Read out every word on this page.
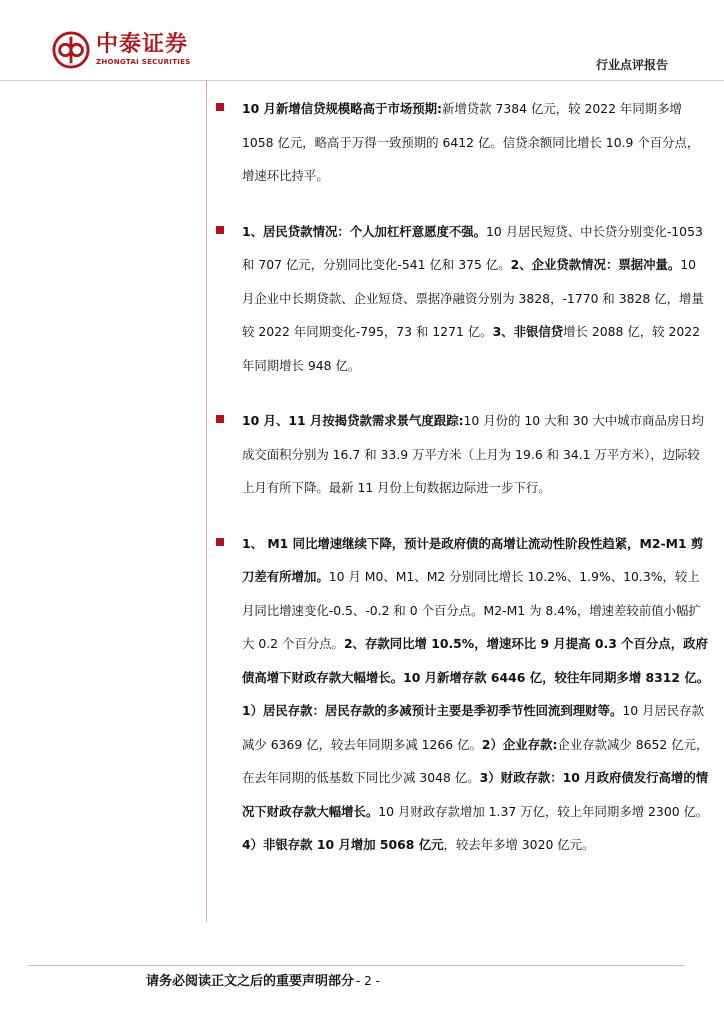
中泰证券
ZHONGTAI SECURITIES	行业点评报告
10 月新增信贷规模略高于市场预期:新增贷款 7384 亿元，较 2022 年同期多增 1058 亿元，略高于万得一致预期的 6412 亿。信贷余额同比增长 10.9 个百分点，增速环比持平。
1、居民贷款情况：个人加杠杆意愿度不强。10 月居民短贷、中长贷分别变化-1053 和 707 亿元，分别同比变化-541 亿和 375 亿。2、企业贷款情况：票据冲量。10 月企业中长期贷款、企业短贷、票据净融资分别为 3828，-1770 和 3828 亿，增量较 2022 年同期变化-795，73 和 1271 亿。3、非银信贷增长 2088 亿，较 2022 年同期增长 948 亿。
10 月、11 月按揭贷款需求景气度跟踪:10 月份的 10 大和 30 大中城市商品房日均成交面积分别为 16.7 和 33.9 万平方米（上月为 19.6 和 34.1 万平方米），边际较上月有所下降。最新 11 月份上旬数据边际进一步下行。
1、 M1 同比增速继续下降，预计是政府债的高增让流动性阶段性趋紧，M2-M1 剪刀差有所增加。10 月 M0、M1、M2 分别同比增长 10.2%、1.9%、10.3%，较上月同比增速变化-0.5、-0.2 和 0 个百分点。M2-M1 为 8.4%，增速差较前值小幅扩大 0.2 个百分点。2、存款同比增 10.5%，增速环比 9 月提高 0.3 个百分点，政府债高增下财政存款大幅增长。10 月新增存款 6446 亿，较往年同期多增 8312 亿。1）居民存款：居民存款的多减预计主要是季初季节性回流到理财等。10 月居民存款减少 6369 亿，较去年同期多减 1266 亿。2）企业存款:企业存款减少 8652 亿元，在去年同期的低基数下同比少减 3048 亿。3）财政存款：10 月政府债发行高增的情况下财政存款大幅增长。10 月财政存款增加 1.37 万亿，较上年同期多增 2300 亿。4）非银存款 10 月增加 5068 亿元，较去年多增 3020 亿元。
请务必阅读正文之后的重要声明部分 - 2 -
